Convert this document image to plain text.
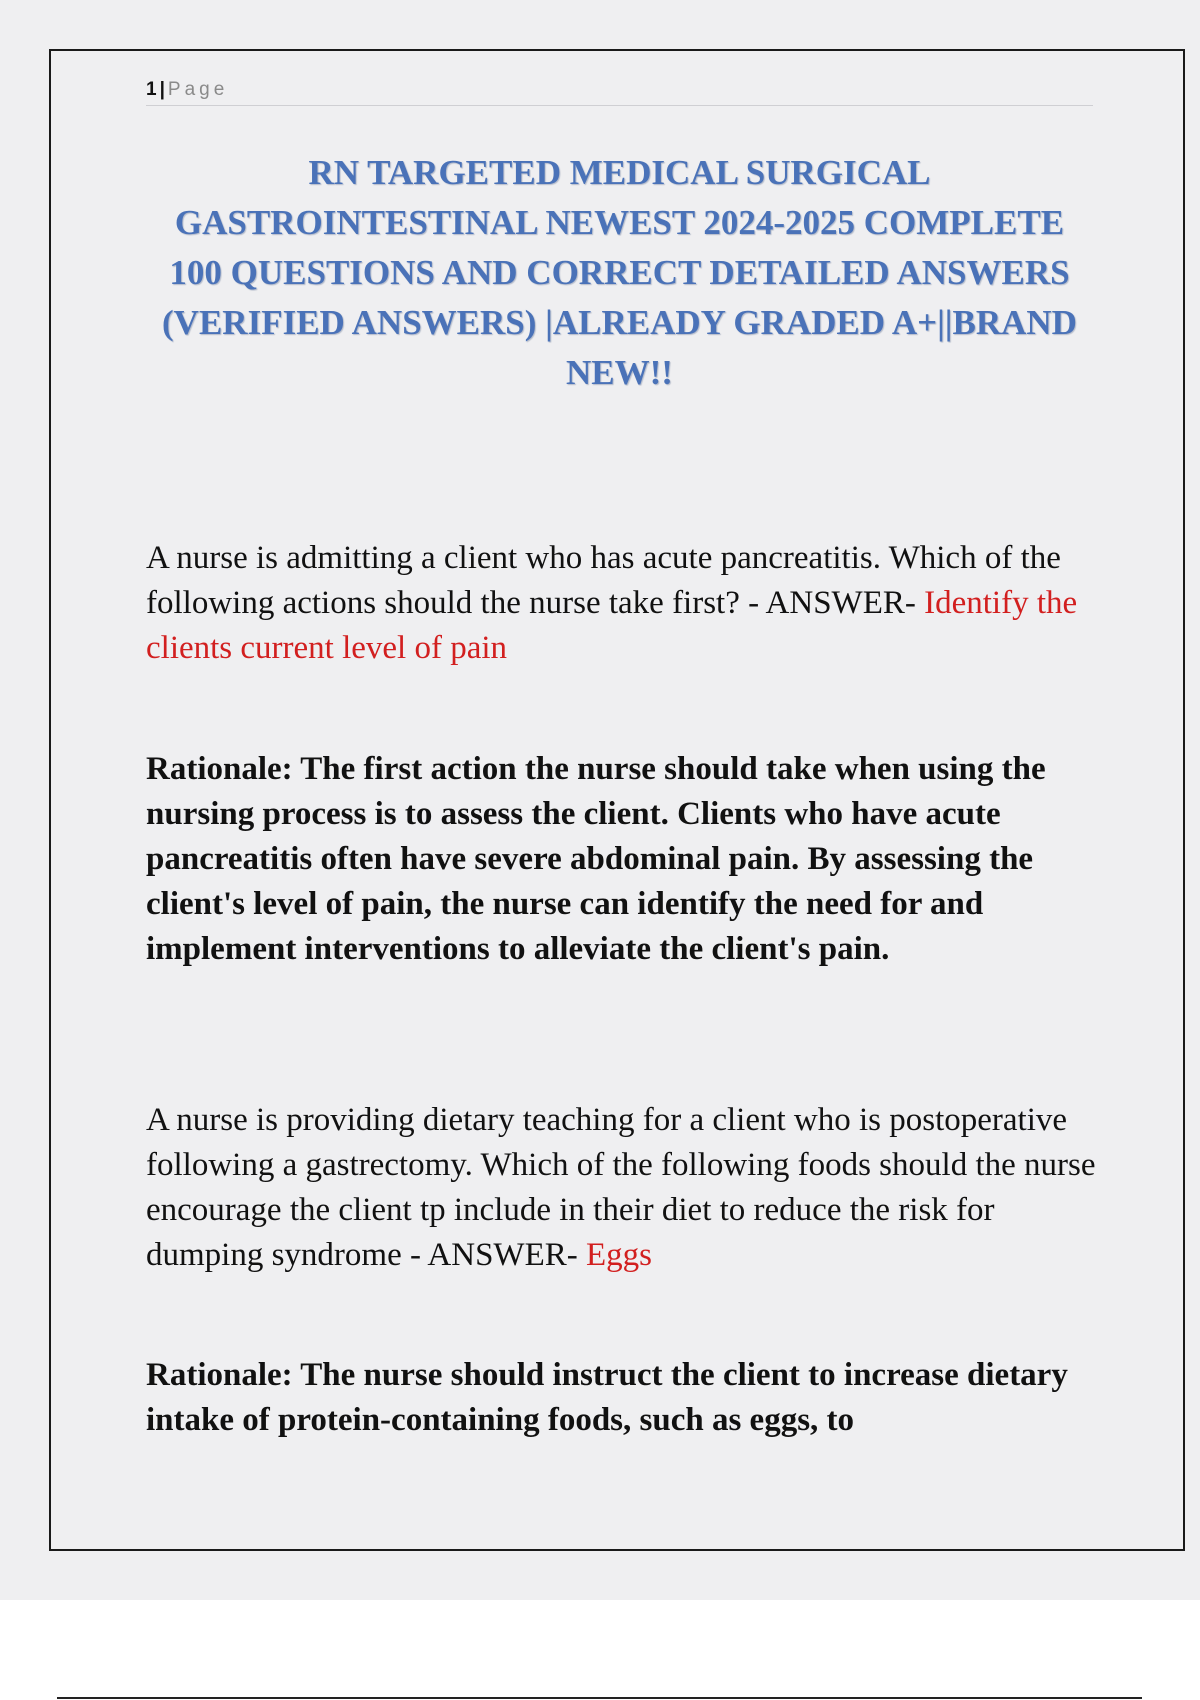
1 | Page
RN TARGETED MEDICAL SURGICAL GASTROINTESTINAL NEWEST 2024-2025 COMPLETE 100 QUESTIONS AND CORRECT DETAILED ANSWERS (VERIFIED ANSWERS) |ALREADY GRADED A+||BRAND NEW!!
A nurse is admitting a client who has acute pancreatitis. Which of the following actions should the nurse take first? - ANSWER- Identify the clients current level of pain
Rationale: The first action the nurse should take when using the nursing process is to assess the client. Clients who have acute pancreatitis often have severe abdominal pain. By assessing the client's level of pain, the nurse can identify the need for and implement interventions to alleviate the client's pain.
A nurse is providing dietary teaching for a client who is postoperative following a gastrectomy. Which of the following foods should the nurse encourage the client tp include in their diet to reduce the risk for dumping syndrome - ANSWER- Eggs
Rationale: The nurse should instruct the client to increase dietary intake of protein-containing foods, such as eggs, to
